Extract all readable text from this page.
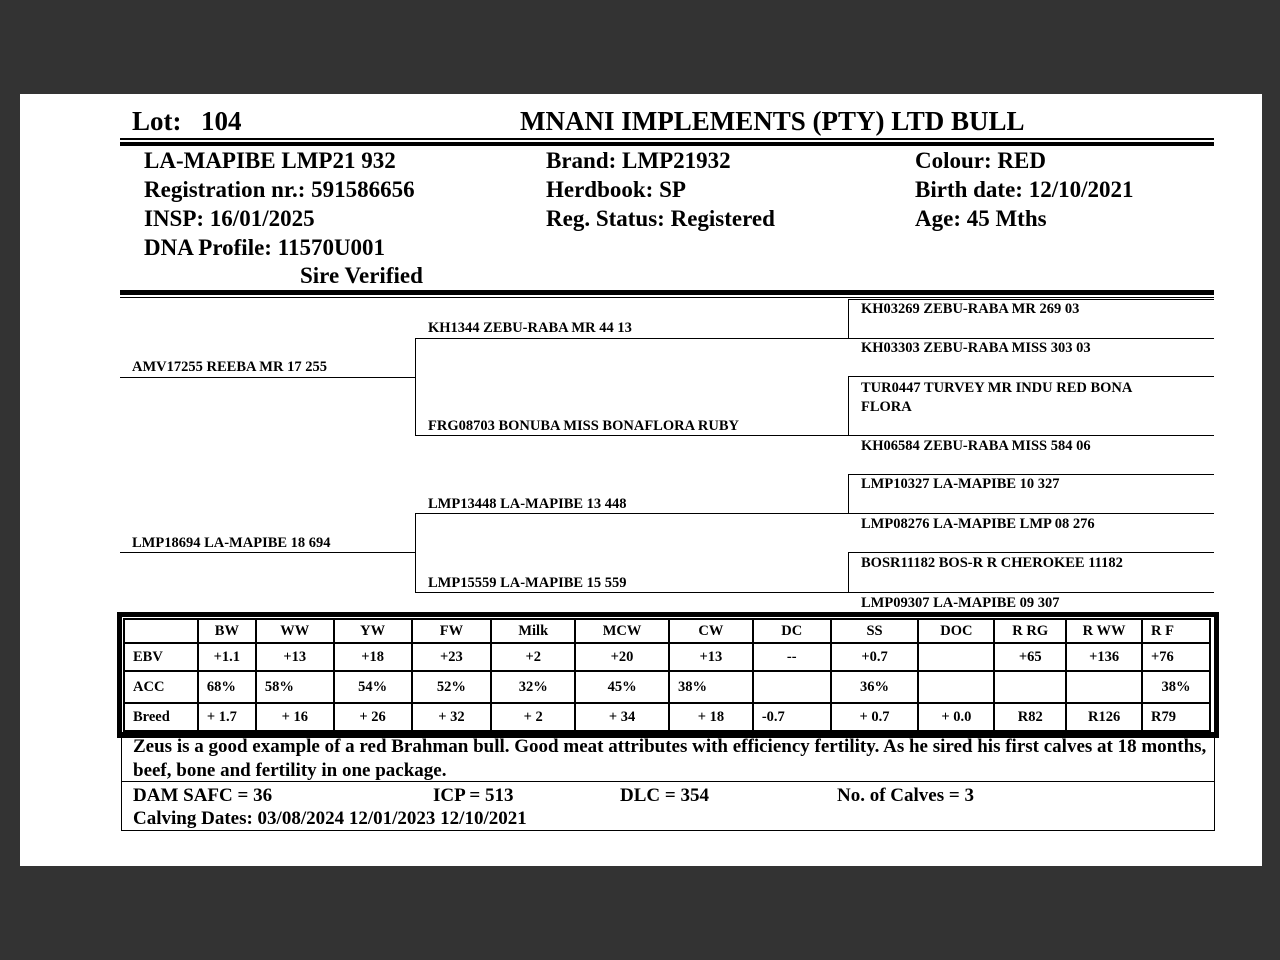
Lot: 104	MNANI IMPLEMENTS (PTY) LTD BULL
LA-MAPIBE LMP21 932
Registration nr.: 591586656
INSP: 16/01/2025
DNA Profile: 11570U001
Sire Verified
Brand: LMP21932
Herdbook: SP
Reg. Status: Registered
Colour: RED
Birth date: 12/10/2021
Age: 45 Mths
AMV17255 REEBA MR 17 255
LMP18694 LA-MAPIBE 18 694
KH1344 ZEBU-RABA MR 44 13
FRG08703 BONUBA MISS BONAFLORA RUBY
LMP13448 LA-MAPIBE 13 448
LMP15559 LA-MAPIBE 15 559
KH03269 ZEBU-RABA MR 269 03
KH03303 ZEBU-RABA MISS 303 03
TUR0447 TURVEY MR INDU RED BONA
FLORA
KH06584 ZEBU-RABA MISS 584 06
LMP10327 LA-MAPIBE 10 327
LMP08276 LA-MAPIBE LMP 08 276
BOSR11182 BOS-R R CHEROKEE 11182
LMP09307 LA-MAPIBE 09 307
	BW	WW	YW	FW	Milk	MCW	CW	DC	SS	DOC	R RG	R WW	R F
EBV	+1.1	+13	+18	+23	+2	+20	+13	--	+0.7		+65	+136	+76
ACC	68%	58%	54%	52%	32%	45%	38%		36%				38%
Breed	+ 1.7	+ 16	+ 26	+ 32	+ 2	+ 34	+ 18	-0.7	+ 0.7	+ 0.0	R82	R126	R79
Zeus is a good example of a red Brahman bull. Good meat attributes with efficiency fertility. As he sired his first calves at 18 months, beef, bone and fertility in one package.
DAM SAFC = 36	ICP = 513	DLC = 354	No. of Calves = 3
Calving Dates: 03/08/2024 12/01/2023 12/10/2021
